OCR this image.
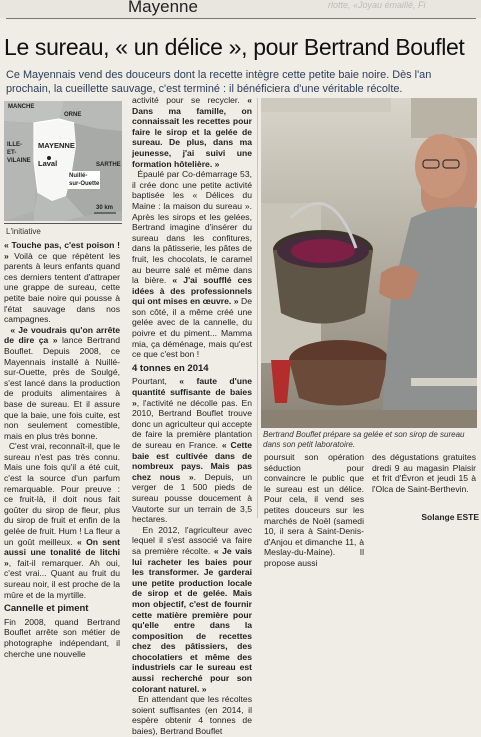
Mayenne	rlotte, «Joyau émaillé, Fi
Le sureau, « un délice », pour Bertrand Bouflet
Ce Mayennais vend des douceurs dont la recette intègre cette petite baie noire. Dès l'an prochain, la cueillette sauvage, c'est terminé : il bénéficiera d'une véritable récolte.
MANCHE
ORNE
ILLE-
ET-
VILAINE
MAYENNE
Laval	SARTHE
Nuillé-
sur-Ouette
30 km
L'initiative

« Touche pas, c'est poison ! » Voilà ce que répètent les parents à leurs enfants quand ces derniers tentent d'attraper une grappe de sureau, cette petite baie noire qui pousse à l'état sauvage dans nos campagnes.

« Je voudrais qu'on arrête de dire ça » lance Bertrand Bouflet. Depuis 2008, ce Mayennais installé à Nuillé-sur-Ouette, près de Soulgé, s'est lancé dans la production de produits alimentaires à base de sureau. Et il assure que la baie, une fois cuite, est non seulement comestible, mais en plus très bonne.

C'est vrai, reconnaît-il, que le sureau n'est pas très connu. Mais une fois qu'il a été cuit, c'est la source d'un parfum remarquable. Pour preuve : ce fruit-là, il doit nous fait goûter du sirop de fleur, plus du sirop de fruit et enfin de la gelée de fruit. Hum ! La fleur a un goût meilleux. « On sent aussi une tonalité de litchi », fait-il remarquer. Ah oui, c'est vrai... Quant au fruit du sureau noir, il est proche de la mûre et de la myrtille.

Cannelle et piment

Fin 2008, quand Bertrand Bouflet arrête son métier de photographe indépendant, il cherche une nouvelle

activité pour se recycler. « Dans ma famille, on connaissait les recettes pour faire le sirop et la gelée de sureau. De plus, dans ma jeunesse, j'ai suivi une formation hôtelière. »

Épaulé par Co-démarrage 53, il crée donc une petite activité baptisée les « Délices du Maine : la maison du sureau ». Après les sirops et les gelées, Bertrand imagine d'insérer du sureau dans les confitures, dans la pâtisserie, les pâtes de fruit, les chocolats, le caramel au beurre salé et même dans la bière. « J'ai soufflé ces idées à des professionnels qui ont mises en œuvre. » De son côté, il a même créé une gelée avec de la cannelle, du poivre et du piment... Mamma mia, ça déménage, mais qu'est ce que c'est bon !

4 tonnes en 2014

Pourtant, « faute d'une quantité suffisante de baies », l'activité ne décolle pas. En 2010, Bertrand Bouflet trouve donc un agriculteur qui accepte de faire la première plantation de sureau en France. « Cette baie est cultivée dans de nombreux pays. Mais pas chez nous ». Depuis, un verger de 1 500 pieds de sureau pousse doucement à Vautorte sur un terrain de 3,5 hectares.

En 2012, l'agriculteur avec lequel il s'est associé va faire sa première récolte. « Je vais lui racheter les baies pour les transformer. Je garderai une petite production locale de sirop et de gelée. Mais mon objectif, c'est de fournir cette matière première pour qu'elle entre dans la composition de recettes chez des pâtissiers, des chocolatiers et même des industriels car le sureau est aussi recherché pour son colorant naturel. »

En attendant que les récoltes soient suffisantes (en 2014, il espère obtenir 4 tonnes de baies), Bertrand Bouflet

Bertrand Bouflet prépare sa gelée et son sirop de sureau dans son petit laboratoire.
poursuit son opération séduction pour convaincre le public que le sureau est un délice. Pour cela, il vend ses petites douceurs sur les marchés de Noël (samedi 10, il sera à Saint-Denis-d'Anjou et dimanche 11, à Meslay-du-Maine). Il propose aussi
des dégustations gratuites dredi 9 au magasin Plaisir et frit d'Évron et jeudi 15 à l'Olca de Saint-Berthevin.
Solange ESTE
